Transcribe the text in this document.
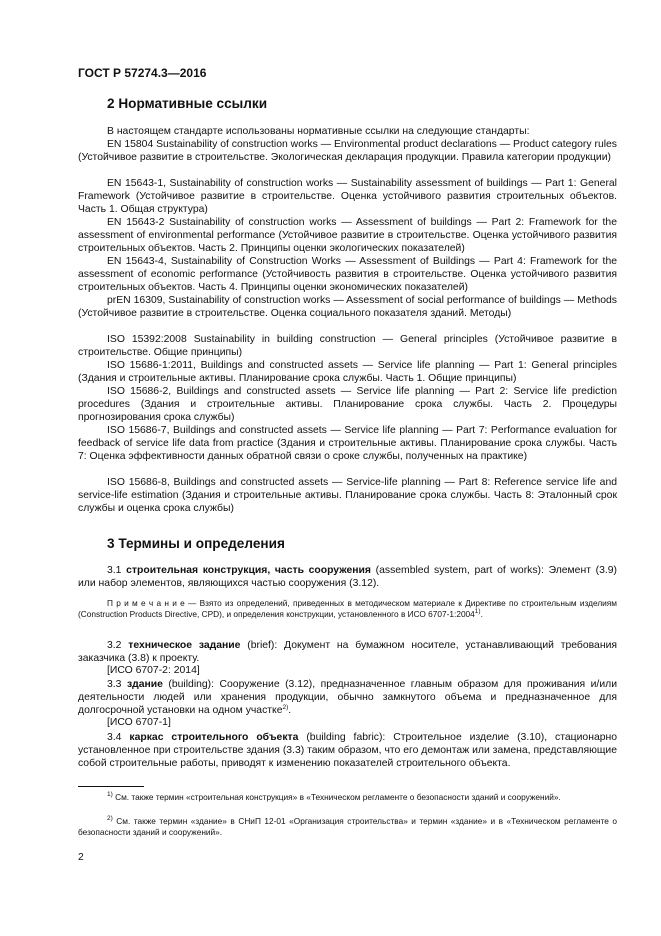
ГОСТ Р 57274.3—2016
2 Нормативные ссылки
В настоящем стандарте использованы нормативные ссылки на следующие стандарты:
EN 15804 Sustainability of construction works — Environmental product declarations — Product category rules (Устойчивое развитие в строительстве. Экологическая декларация продукции. Правила категории продукции)
EN 15643-1, Sustainability of construction works — Sustainability assessment of buildings — Part 1: General Framework (Устойчивое развитие в строительстве. Оценка устойчивого развития строительных объектов. Часть 1. Общая структура)
EN 15643-2 Sustainability of construction works — Assessment of buildings — Part 2: Framework for the assessment of environmental performance (Устойчивое развитие в строительстве. Оценка устойчивого развития строительных объектов. Часть 2. Принципы оценки экологических показателей)
EN 15643-4, Sustainability of Construction Works — Assessment of Buildings — Part 4: Framework for the assessment of economic performance (Устойчивость развития в строительстве. Оценка устойчивого развития строительных объектов. Часть 4. Принципы оценки экономических показателей)
prEN 16309, Sustainability of construction works — Assessment of social performance of buildings — Methods (Устойчивое развитие в строительстве. Оценка социального показателя зданий. Методы)
ISO 15392:2008 Sustainability in building construction — General principles (Устойчивое развитие в строительстве. Общие принципы)
ISO 15686-1:2011, Buildings and constructed assets — Service life planning — Part 1: General principles (Здания и строительные активы. Планирование срока службы. Часть 1. Общие принципы)
ISO 15686-2, Buildings and constructed assets — Service life planning — Part 2: Service life prediction procedures (Здания и строительные активы. Планирование срока службы. Часть 2. Процедуры прогнозирования срока службы)
ISO 15686-7, Buildings and constructed assets — Service life planning — Part 7: Performance evaluation for feedback of service life data from practice (Здания и строительные активы. Планирование срока службы. Часть 7: Оценка эффективности данных обратной связи о сроке службы, полученных на практике)
ISO 15686-8, Buildings and constructed assets — Service-life planning — Part 8: Reference service life and service-life estimation (Здания и строительные активы. Планирование срока службы. Часть 8: Эталонный срок службы и оценка срока службы)
3 Термины и определения
3.1 строительная конструкция, часть сооружения (assembled system, part of works): Элемент (3.9) или набор элементов, являющихся частью сооружения (3.12).
П р и м е ч а н и е — Взято из определений, приведенных в методическом материале к Директиве по строительным изделиям (Construction Products Directive, CPD), и определения конструкции, установленного в ИСО 6707-1:2004$^{1)}$.
3.2 техническое задание (brief): Документ на бумажном носителе, устанавливающий требования заказчика (3.8) к проекту.
[ИСО 6707-2: 2014]
3.3 здание (building): Сооружение (3.12), предназначенное главным образом для проживания и/или деятельности людей или хранения продукции, обычно замкнутого объема и предназначенное для долгосрочной установки на одном участке$^{2)}$.
[ИСО 6707-1]
3.4 каркас строительного объекта (building fabric): Строительное изделие (3.10), стационарно установленное при строительстве здания (3.3) таким образом, что его демонтаж или замена, представляющие собой строительные работы, приводят к изменению показателей строительного объекта.
$^{1)}$ См. также термин «строительная конструкция» в «Техническом регламенте о безопасности зданий и сооружений».
$^{2)}$ См. также термин «здание» в СНиП 12-01 «Организация строительства» и термин «здание» и в «Техническом регламенте о безопасности зданий и сооружений».
2
